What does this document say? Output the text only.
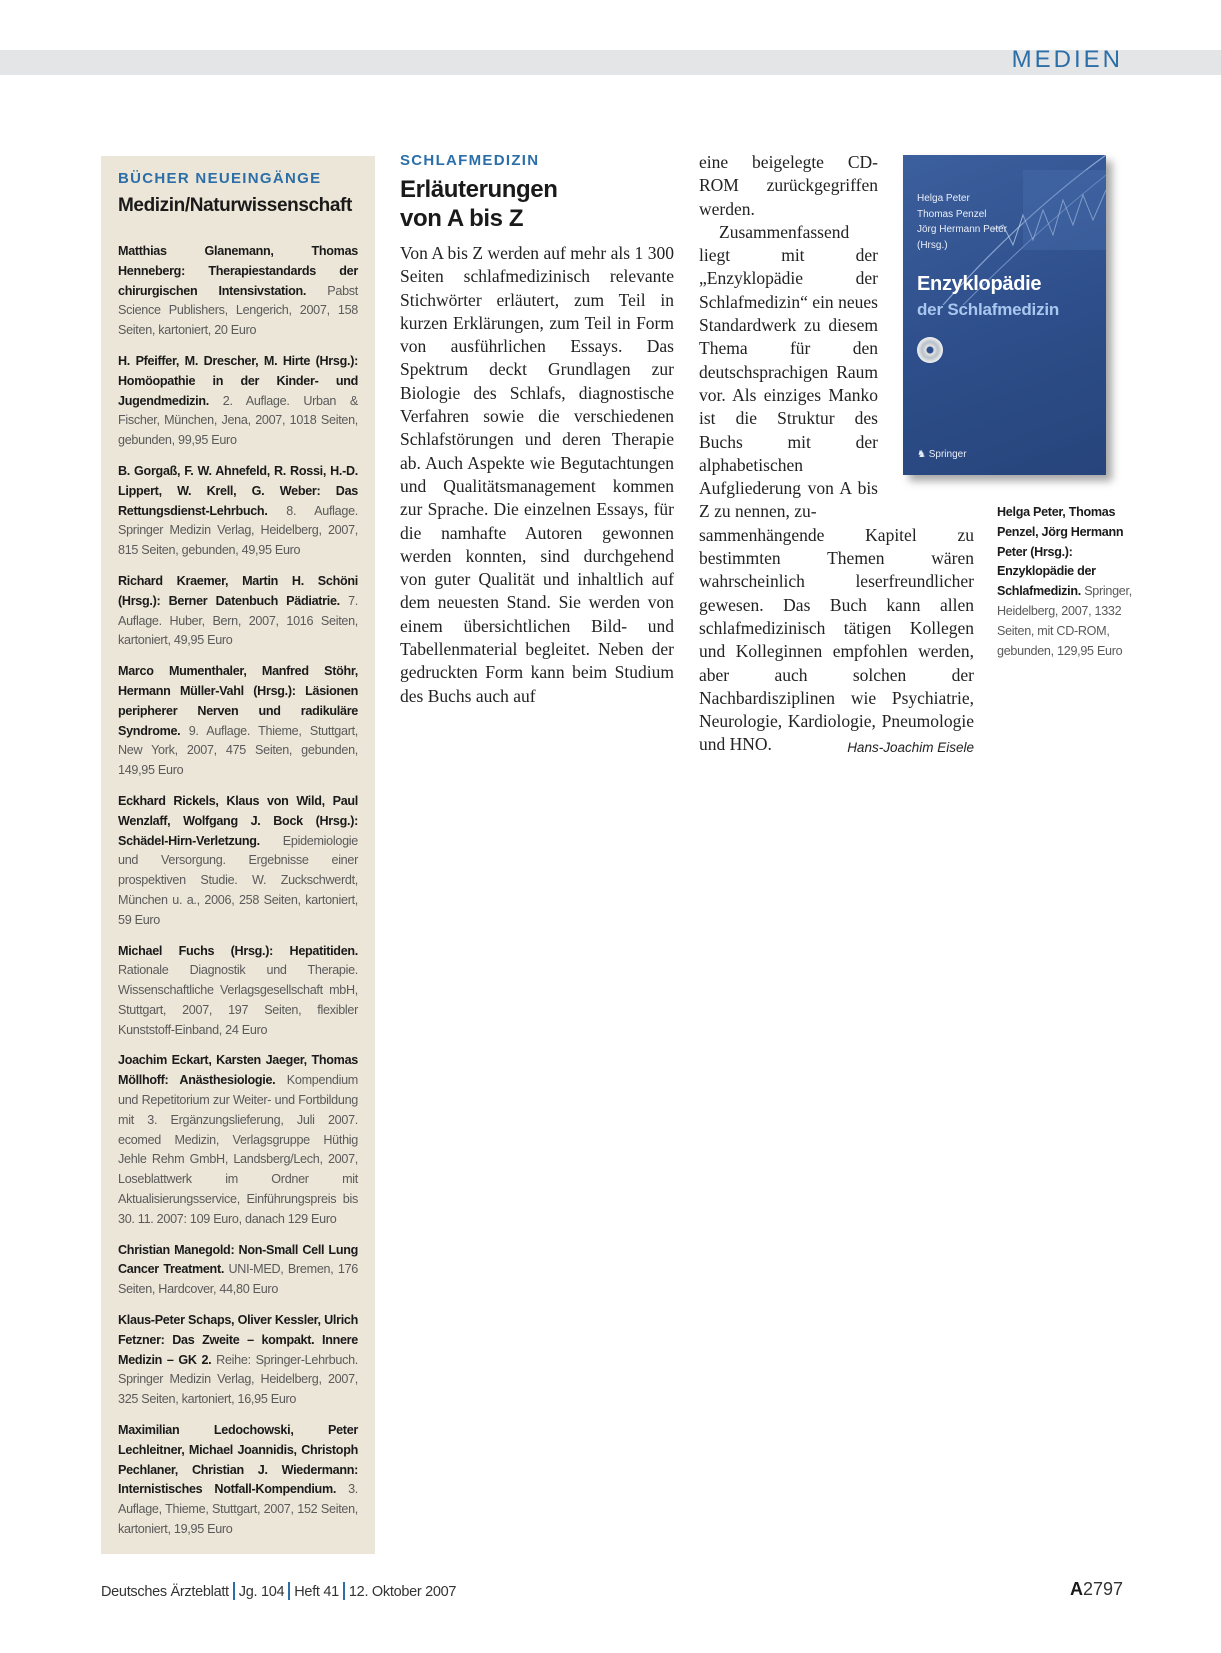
MEDIEN
BÜCHER NEUEINGÄNGE
Medizin/Naturwissenschaft
Matthias Glanemann, Thomas Henneberg: Therapiestandards der chirurgischen Intensivstation. Pabst Science Publishers, Lengerich, 2007, 158 Seiten, kartoniert, 20 Euro
H. Pfeiffer, M. Drescher, M. Hirte (Hrsg.): Homöopathie in der Kinder- und Jugendmedizin. 2. Auflage. Urban & Fischer, München, Jena, 2007, 1018 Seiten, gebunden, 99,95 Euro
B. Gorgaß, F. W. Ahnefeld, R. Rossi, H.-D. Lippert, W. Krell, G. Weber: Das Rettungsdienst-Lehrbuch. 8. Auflage. Springer Medizin Verlag, Heidelberg, 2007, 815 Seiten, gebunden, 49,95 Euro
Richard Kraemer, Martin H. Schöni (Hrsg.): Berner Datenbuch Pädiatrie. 7. Auflage. Huber, Bern, 2007, 1016 Seiten, kartoniert, 49,95 Euro
Marco Mumenthaler, Manfred Stöhr, Hermann Müller-Vahl (Hrsg.): Läsionen peripherer Nerven und radikuläre Syndrome. 9. Auflage. Thieme, Stuttgart, New York, 2007, 475 Seiten, gebunden, 149,95 Euro
Eckhard Rickels, Klaus von Wild, Paul Wenzlaff, Wolfgang J. Bock (Hrsg.): Schädel-Hirn-Verletzung. Epidemiologie und Versorgung. Ergebnisse einer prospektiven Studie. W. Zuckschwerdt, München u. a., 2006, 258 Seiten, kartoniert, 59 Euro
Michael Fuchs (Hrsg.): Hepatitiden. Rationale Diagnostik und Therapie. Wissenschaftliche Verlagsgesellschaft mbH, Stuttgart, 2007, 197 Seiten, flexibler Kunststoff-Einband, 24 Euro
Joachim Eckart, Karsten Jaeger, Thomas Möllhoff: Anästhesiologie. Kompendium und Repetitorium zur Weiter- und Fortbildung mit 3. Ergänzungslieferung, Juli 2007. ecomed Medizin, Verlagsgruppe Hüthig Jehle Rehm GmbH, Landsberg/Lech, 2007, Loseblattwerk im Ordner mit Aktualisierungsservice, Einführungspreis bis 30. 11. 2007: 109 Euro, danach 129 Euro
Christian Manegold: Non-Small Cell Lung Cancer Treatment. UNI-MED, Bremen, 176 Seiten, Hardcover, 44,80 Euro
Klaus-Peter Schaps, Oliver Kessler, Ulrich Fetzner: Das Zweite – kompakt. Innere Medizin – GK 2. Reihe: Springer-Lehrbuch. Springer Medizin Verlag, Heidelberg, 2007, 325 Seiten, kartoniert, 16,95 Euro
Maximilian Ledochowski, Peter Lechleitner, Michael Joannidis, Christoph Pechlaner, Christian J. Wiedermann: Internistisches Notfall-Kompendium. 3. Auflage, Thieme, Stuttgart, 2007, 152 Seiten, kartoniert, 19,95 Euro
SCHLAFMEDIZIN
Erläuterungen von A bis Z

Von A bis Z werden auf mehr als 1 300 Seiten schlafmedizinisch relevante Stichwörter erläutert, zum Teil in kurzen Erklärungen, zum Teil in Form von ausführlichen Essays. Das Spektrum deckt Grundlagen zur Biologie des Schlafs, diagnostische Verfahren sowie die verschiedenen Schlafstörungen und deren Therapie ab. Auch Aspekte wie Begutachtungen und Qualitätsmanagement kommen zur Sprache. Die einzelnen Essays, für die namhafte Autoren gewonnen werden konnten, sind durchgehend von guter Qualität und inhaltlich auf dem neuesten Stand. Sie werden von einem übersichtlichen Bild- und Tabellenmaterial begleitet. Neben der gedruckten Form kann beim Studium des Buchs auch auf

eine beigelegte CD-ROM zurückgegriffen werden.

Zusammenfassend liegt mit der „Enzyklopädie der Schlafmedizin“ ein neues Standardwerk zu diesem Thema für den deutschsprachigen Raum vor. Als einziges Manko ist die Struktur des Buchs mit der alphabetischen Aufgliederung von A bis Z zu nennen, zu-

sammenhängende Kapitel zu bestimmten Themen wären wahrscheinlich leserfreundlicher gewesen. Das Buch kann allen schlafmedizinisch tätigen Kollegen und Kolleginnen empfohlen werden, aber auch solchen der Nachbardisziplinen wie Psychiatrie, Neurologie, Kardiologie, Pneumologie und HNO.	Hans-Joachim Eisele

Helga Peter
Thomas Penzel
Jörg Hermann Peter
(Hrsg.)
Enzyklopädie
der Schlafmedizin
♞ Springer
Helga Peter, Thomas Penzel, Jörg Hermann Peter (Hrsg.): Enzyklopädie der Schlafmedizin. Springer, Heidelberg, 2007, 1332 Seiten, mit CD-ROM, gebunden, 129,95 Euro
Deutsches Ärzteblatt Jg. 104 Heft 41 12. Oktober 2007	A2797
